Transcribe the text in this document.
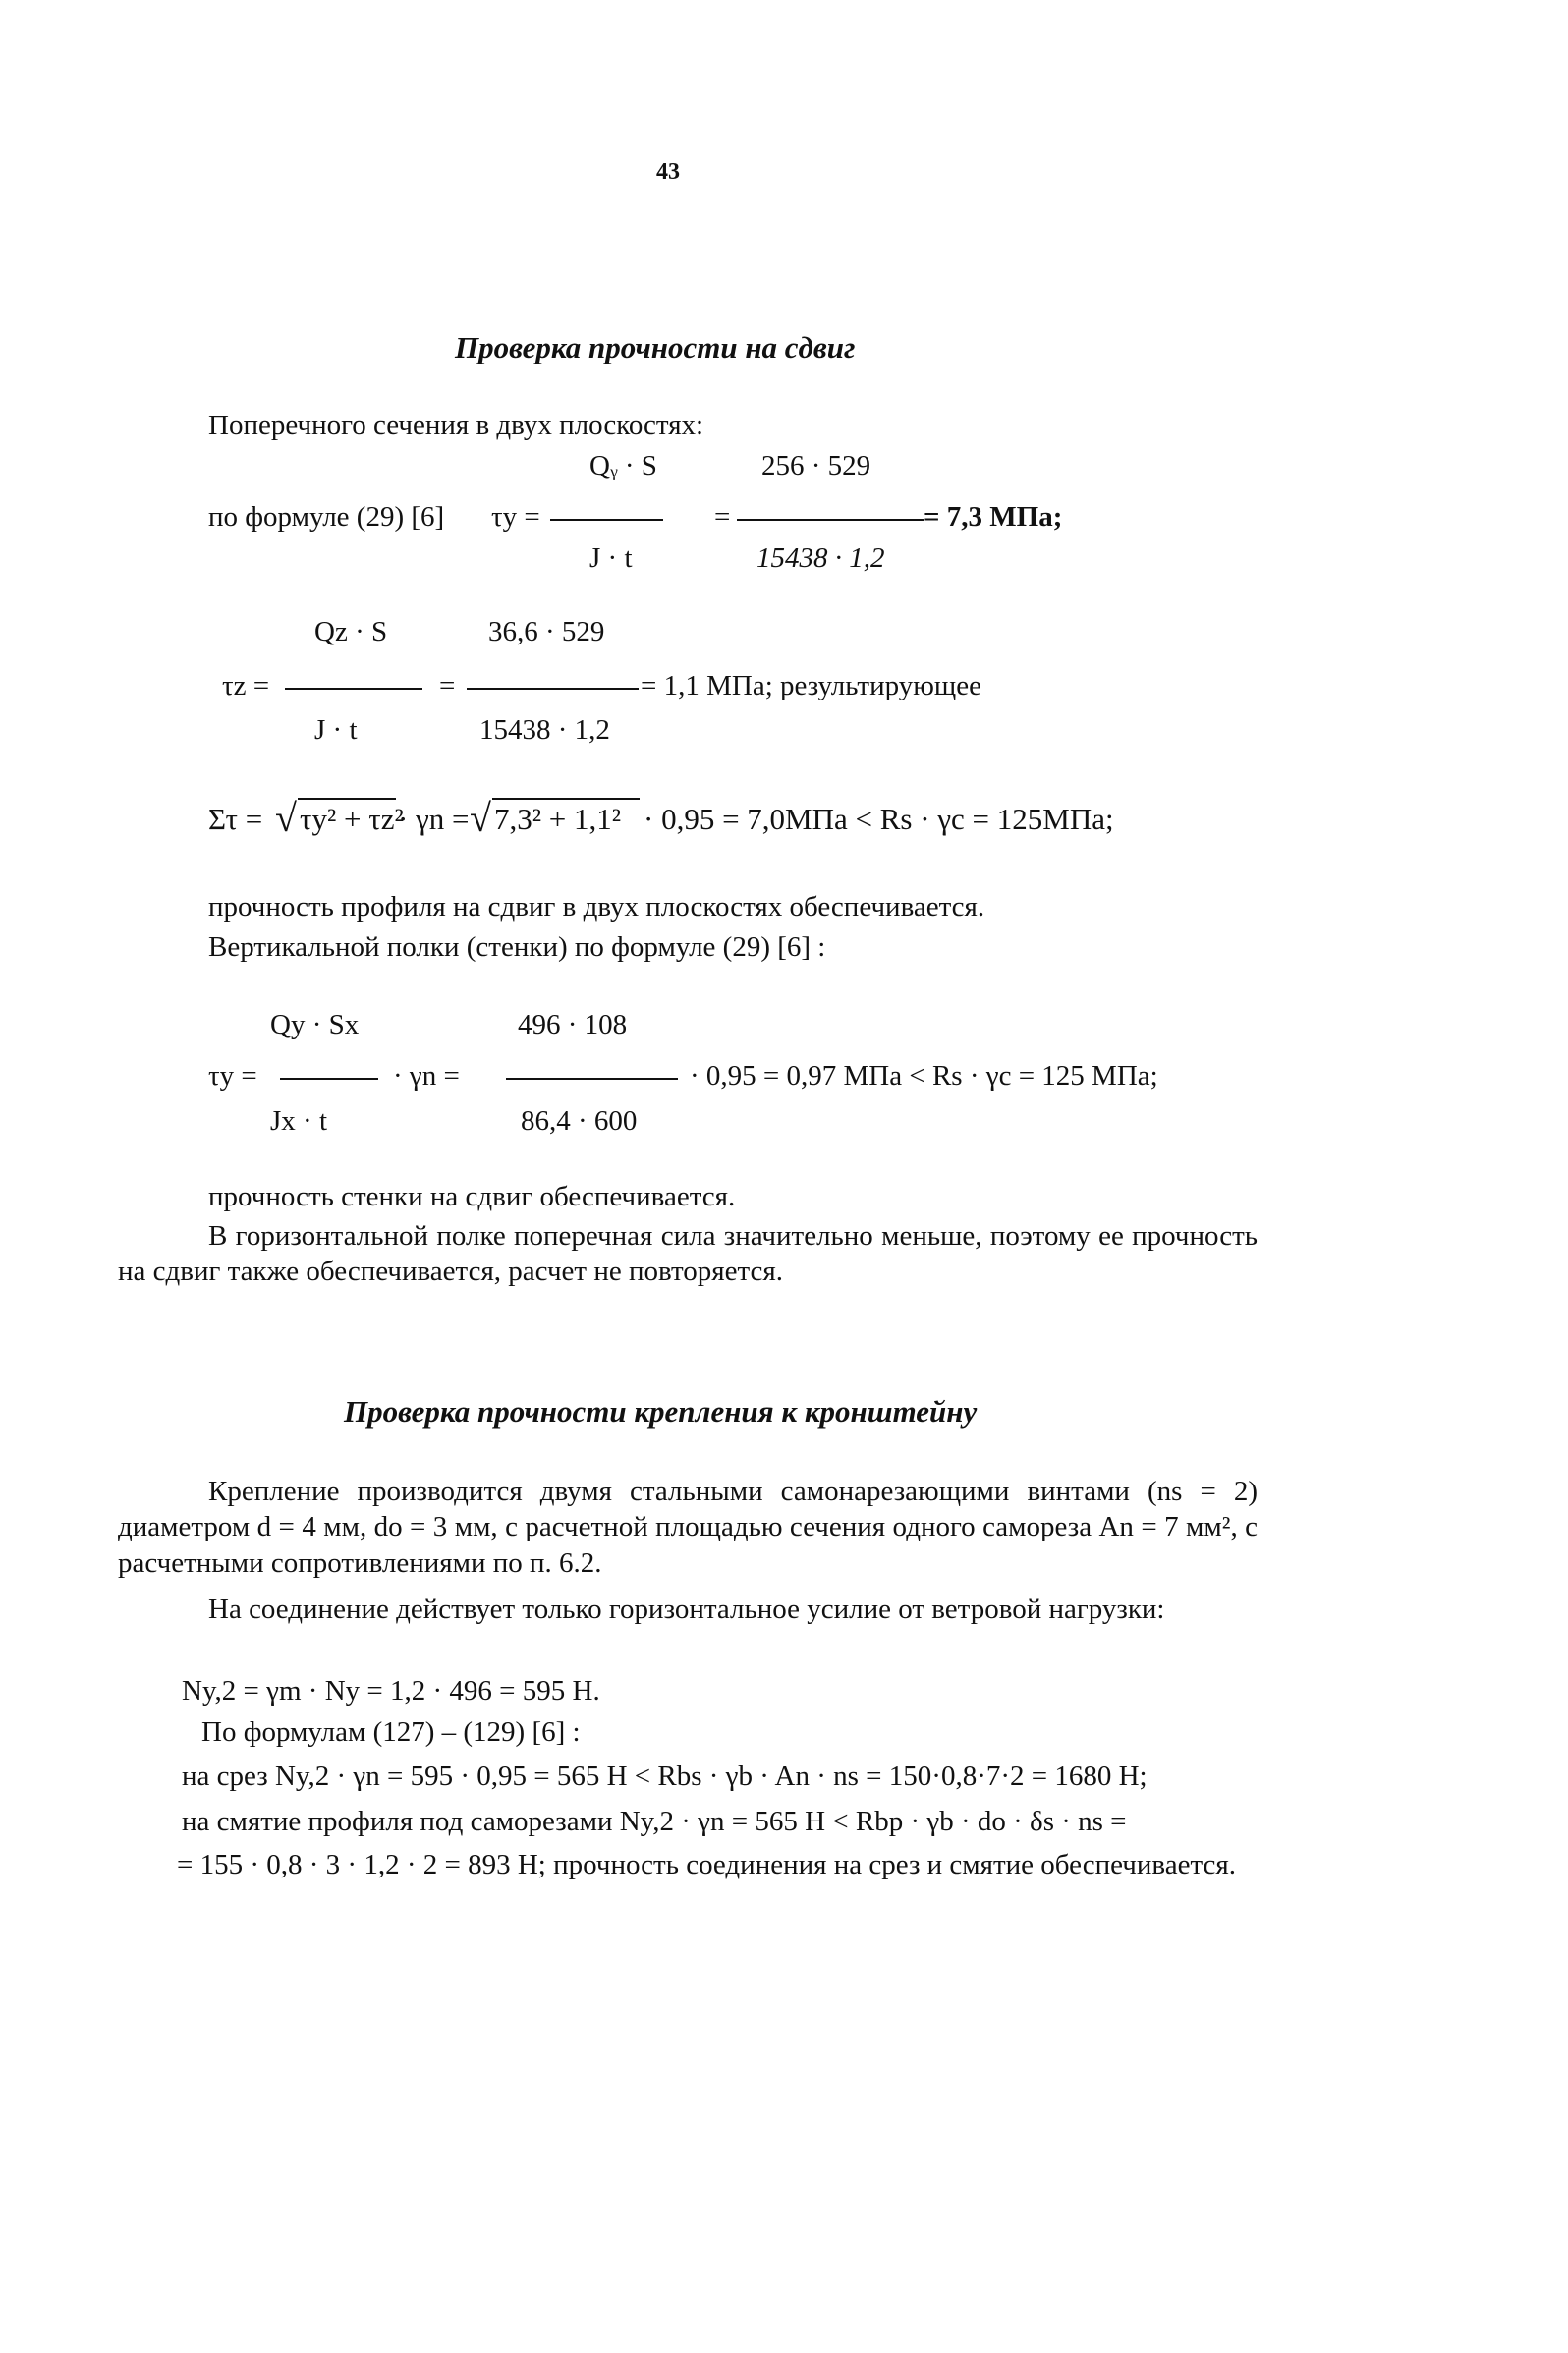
43
Проверка прочности на сдвиг
Поперечного сечения в двух плоскостях:
Qᵧ · S	256 · 529
по формуле (29) [6] τy =	=	= 7,3 МПа;
J · t	15438 · 1,2
Qz · S	36,6 · 529
τz =	=	= 1,1 МПа; результирующее
J · t	15438 · 1,2
Στ = √ τy² + τz²
· γn = √ 7,3² + 1,1² · 0,95 = 7,0МПа < Rs · γc = 125МПа;
прочность профиля на сдвиг в двух плоскостях обеспечивается.
Вертикальной полки (стенки) по формуле (29) [6] :
Qy · Sx	496 · 108
τy =	· γn =	· 0,95 = 0,97 МПа < Rs · γc = 125 МПа;
Jx · t	86,4 · 600
прочность стенки на сдвиг обеспечивается.
В горизонтальной полке поперечная сила значительно меньше, поэтому ее прочность на сдвиг также обеспечивается, расчет не повторяется.
Проверка прочности крепления к кронштейну
Крепление производится двумя стальными самонарезающими винтами (ns = 2) диаметром d = 4 мм, do = 3 мм, с расчетной площадью сечения одного самореза An = 7 мм², с расчетными сопротивлениями по п. 6.2.
На соединение действует только горизонтальное усилие от ветровой нагрузки:
Ny,2 = γm · Ny = 1,2 · 496 = 595 Н.
По формулам (127) – (129) [6] :
на срез Ny,2 · γn = 595 · 0,95 = 565 Н < Rbs · γb · An · ns = 150·0,8·7·2 = 1680 Н;
на смятие профиля под саморезами Ny,2 · γn = 565 Н < Rbp · γb · do · δs · ns =
= 155 · 0,8 · 3 · 1,2 · 2 = 893 Н; прочность соединения на срез и смятие обеспечивается.
